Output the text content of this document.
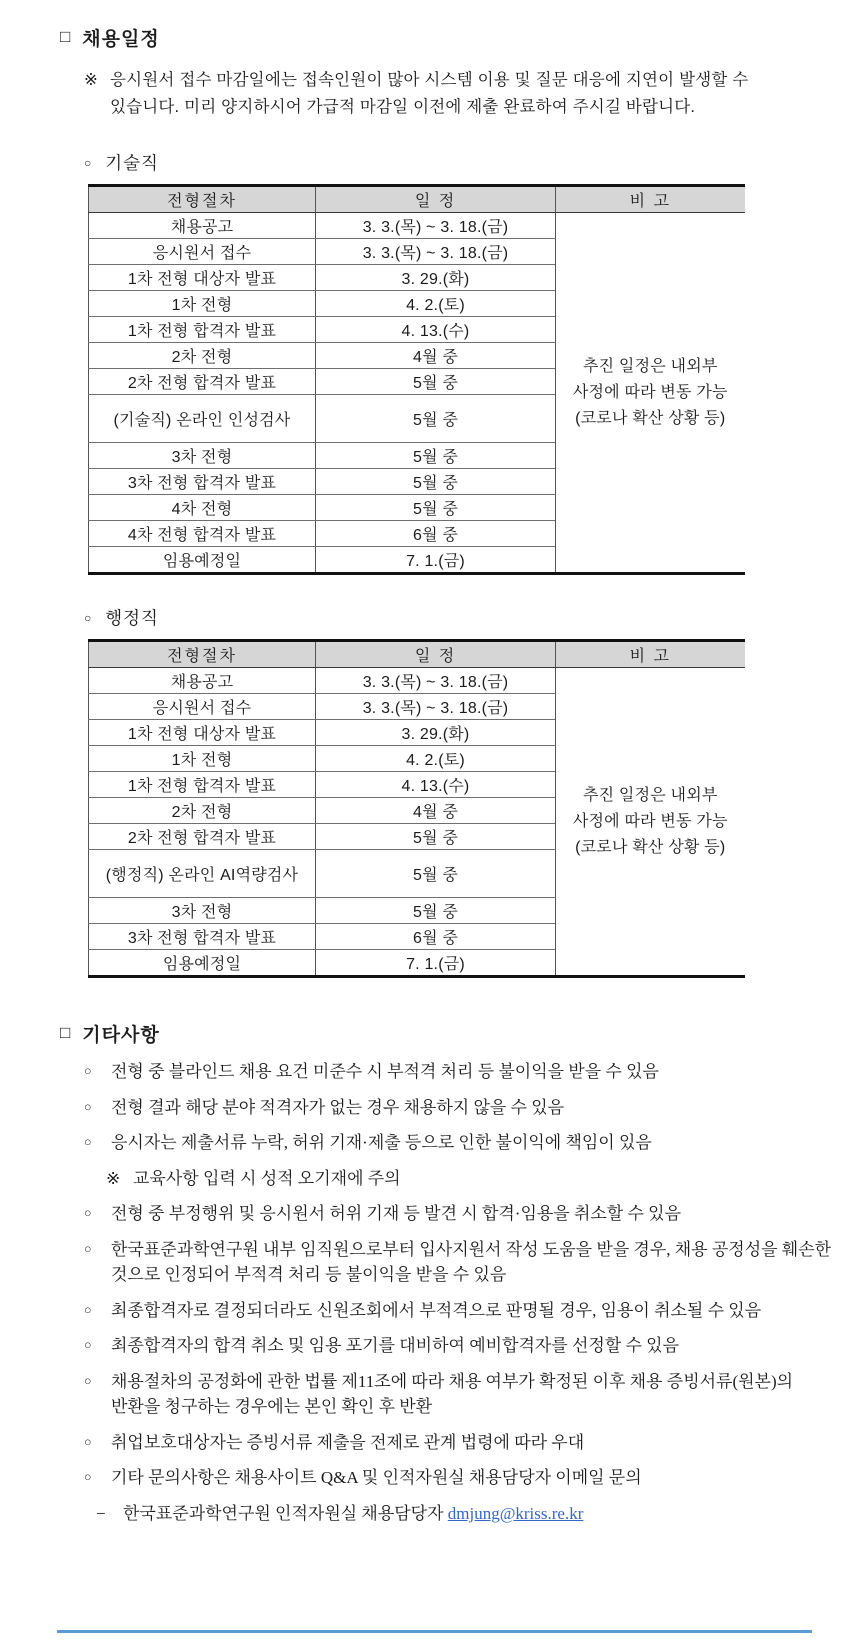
□ 채용일정
※ 응시원서 접수 마감일에는 접속인원이 많아 시스템 이용 및 질문 대응에 지연이 발생할 수 있습니다. 미리 양지하시어 가급적 마감일 이전에 제출 완료하여 주시길 바랍니다.
○ 기술직
전형절차	일 정	비 고
채용공고	3. 3.(목) ~ 3. 18.(금)	추진 일정은 내외부
사정에 따라 변동 가능
(코로나 확산 상황 등)

응시원서 접수	3. 3.(목) ~ 3. 18.(금)	
1차 전형 대상자 발표	3. 29.(화)	
1차 전형	4. 2.(토)	
1차 전형 합격자 발표	4. 13.(수)	
2차 전형	4월 중	
2차 전형 합격자 발표	5월 중	
(기술직) 온라인 인성검사	5월 중	
3차 전형	5월 중	
3차 전형 합격자 발표	5월 중	
4차 전형	5월 중	
4차 전형 합격자 발표	6월 중	
임용예정일	7. 1.(금)	
○ 행정직
전형절차	일 정	비 고
채용공고	3. 3.(목) ~ 3. 18.(금)	추진 일정은 내외부
사정에 따라 변동 가능
(코로나 확산 상황 등)

응시원서 접수	3. 3.(목) ~ 3. 18.(금)	
1차 전형 대상자 발표	3. 29.(화)	
1차 전형	4. 2.(토)	
1차 전형 합격자 발표	4. 13.(수)	
2차 전형	4월 중	
2차 전형 합격자 발표	5월 중	
(행정직) 온라인 AI역량검사	5월 중	
3차 전형	5월 중	
3차 전형 합격자 발표	6월 중	
임용예정일	7. 1.(금)	
□ 기타사항
○	전형 중 블라인드 채용 요건 미준수 시 부적격 처리 등 불이익을 받을 수 있음
○	전형 결과 해당 분야 적격자가 없는 경우 채용하지 않을 수 있음
○	응시자는 제출서류 누락, 허위 기재·제출 등으로 인한 불이익에 책임이 있음
※ 교육사항 입력 시 성적 오기재에 주의
○	전형 중 부정행위 및 응시원서 허위 기재 등 발견 시 합격·임용을 취소할 수 있음
○	한국표준과학연구원 내부 임직원으로부터 입사지원서 작성 도움을 받을 경우, 채용 공정성을 훼손한 것으로 인정되어 부적격 처리 등 불이익을 받을 수 있음
○	최종합격자로 결정되더라도 신원조회에서 부적격으로 판명될 경우, 임용이 취소될 수 있음
○	최종합격자의 합격 취소 및 임용 포기를 대비하여 예비합격자를 선정할 수 있음
○	채용절차의 공정화에 관한 법률 제11조에 따라 채용 여부가 확정된 이후 채용 증빙서류(원본)의 반환을 청구하는 경우에는 본인 확인 후 반환
○	취업보호대상자는 증빙서류 제출을 전제로 관계 법령에 따라 우대
○	기타 문의사항은 채용사이트 Q&A 및 인적자원실 채용담당자 이메일 문의
−	한국표준과학연구원 인적자원실 채용담당자 dmjung@kriss.re.kr
